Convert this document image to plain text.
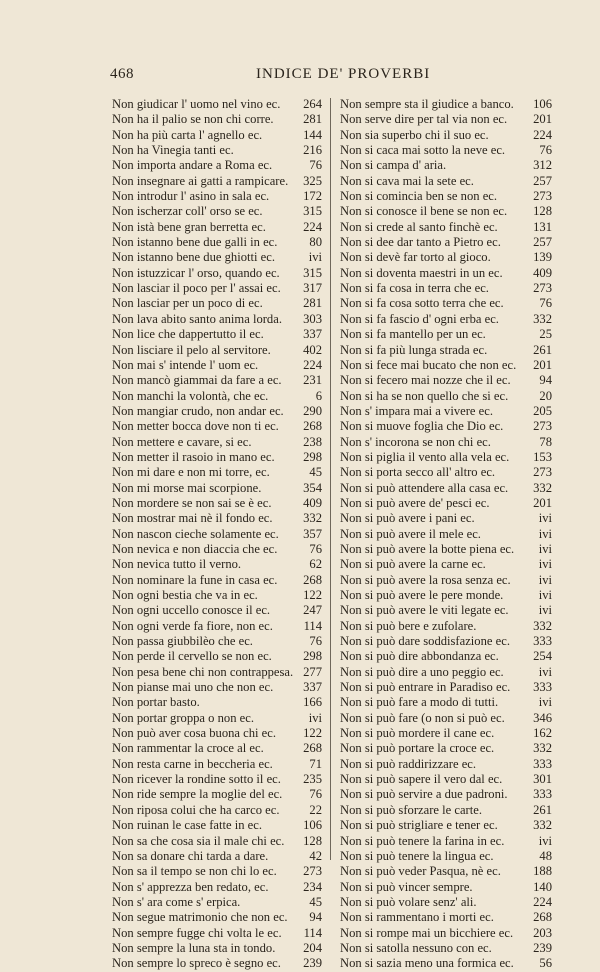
468	INDICE DE' PROVERBI
Non giudicar l' uomo nel vino ec. 264
Non ha il palio se non chi corre. 281
Non ha più carta l' agnello ec.	144
Non ha Vinegia tanti ec.	216
Non importa andare a Roma ec.	76
Non insegnare ai gatti a rampicare. 325
Non introdur l' asino in sala ec.	172
Non ischerzar coll' orso se ec.	315
Non istà bene gran berretta ec.	224
Non istanno bene due galli in ec.	80
Non istanno bene due ghiotti ec.	ivi
Non istuzzicar l' orso, quando ec. 315
Non lasciar il poco per l' assai ec. 317
Non lasciar per un poco di ec.	281
Non lava abito santo anima lorda. 303
Non lice che dappertutto il ec.	337
Non lisciare il pelo al servitore.	402
Non mai s' intende l' uom ec.	224
Non mancò giammai da fare a ec. 231
Non manchi la volontà, che ec.	6
Non mangiar crudo, non andar ec. 290
Non metter bocca dove non ti ec. 268
Non mettere e cavare, si ec.	238
Non metter il rasoio in mano ec. 298
Non mi dare e non mi torre, ec.	45
Non mi morse mai scorpione.	354
Non mordere se non sai se è ec.	409
Non mostrar mai nè il fondo ec. 332
Non nascon cieche solamente ec. 357
Non nevica e non diaccia che ec.	76
Non nevica tutto il verno.	62
Non nominare la fune in casa ec. 268
Non ogni bestia che va in ec.	122
Non ogni uccello conosce il ec.	247
Non ogni verde fa fiore, non ec. 114
Non passa giubbilèo che ec.	76
Non perde il cervello se non ec. 298
Non pesa bene chi non contrappesa. 277
Non pianse mai uno che non ec. 337
Non portar basto.	166
Non portar groppa o non ec.	ivi
Non può aver cosa buona chi ec. 122
Non rammentar la croce al ec.	268
Non resta carne in beccheria ec.	71
Non ricever la rondine sotto il ec. 235
Non ride sempre la moglie del ec. 76
Non riposa colui che ha carco ec. 22
Non ruinan le case fatte in ec.	106
Non sa che cosa sia il male chi ec. 128
Non sa donare chi tarda a dare.	42
Non sa il tempo se non chi lo ec. 273
Non s' apprezza ben redato, ec.	234
Non s' ara come s' erpica.	45
Non segue matrimonio che non ec. 94
Non sempre fugge chi volta le ec. 114
Non sempre la luna sta in tondo. 204
Non sempre lo spreco è segno ec. 239
Non sempre sta il giudice a banco. 106
Non serve dire per tal via non ec. 201
Non sia superbo chi il suo ec.	224
Non si caca mai sotto la neve ec.	76
Non si campa d' aria.	312
Non si cava mai la sete ec.	257
Non si comincia ben se non ec.	273
Non si conosce il bene se non ec. 128
Non si crede al santo finchè ec.	131
Non si dee dar tanto a Pietro ec.	257
Non si devè far torto al gioco.	139
Non si doventa maestri in un ec. 409
Non si fa cosa in terra che ec.	273
Non si fa cosa sotto terra che ec.	76
Non si fa fascio d' ogni erba ec.	332
Non si fa mantello per un ec.	25
Non si fa più lunga strada ec.	261
Non si fece mai bucato che non ec. 201
Non si fecero mai nozze che il ec. 94
Non si ha se non quello che si ec. 20
Non s' impara mai a vivere ec.	205
Non si muove foglia che Dio ec. 273
Non s' incorona se non chi ec.	78
Non si piglia il vento alla vela ec. 153
Non si porta secco all' altro ec.	273
Non si può attendere alla casa ec. 332
Non si può avere de' pesci ec.	201
Non si può avere i pani ec.	ivi
Non si può avere il mele ec.	ivi
Non si può avere la botte piena ec. ivi
Non si può avere la carne ec.	ivi
Non si può avere la rosa senza ec. ivi
Non si può avere le pere monde.	ivi
Non si può avere le viti legate ec. ivi
Non si può bere e zufolare.	332
Non si può dare soddisfazione ec. 333
Non si può dire abbondanza ec.	254
Non si può dire a uno peggio ec.	ivi
Non si può entrare in Paradiso ec. 333
Non si può fare a modo di tutti.	ivi
Non si può fare (o non si può ec. 346
Non si può mordere il cane ec.	162
Non si può portare la croce ec.	332
Non si può raddirizzare ec.	333
Non si può sapere il vero dal ec. 301
Non si può servire a due padroni. 333
Non si può sforzare le carte.	261
Non si può strigliare e tener ec.	332
Non si può tenere la farina in ec.	ivi
Non si può tenere la lingua ec.	48
Non si può veder Pasqua, nè ec.	188
Non si può vincer sempre.	140
Non si può volare senz' ali.	224
Non si rammentano i morti ec.	268
Non si rompe mai un bicchiere ec. 203
Non si satolla nessuno con ec.	239
Non si sazia meno una formica ec. 56
